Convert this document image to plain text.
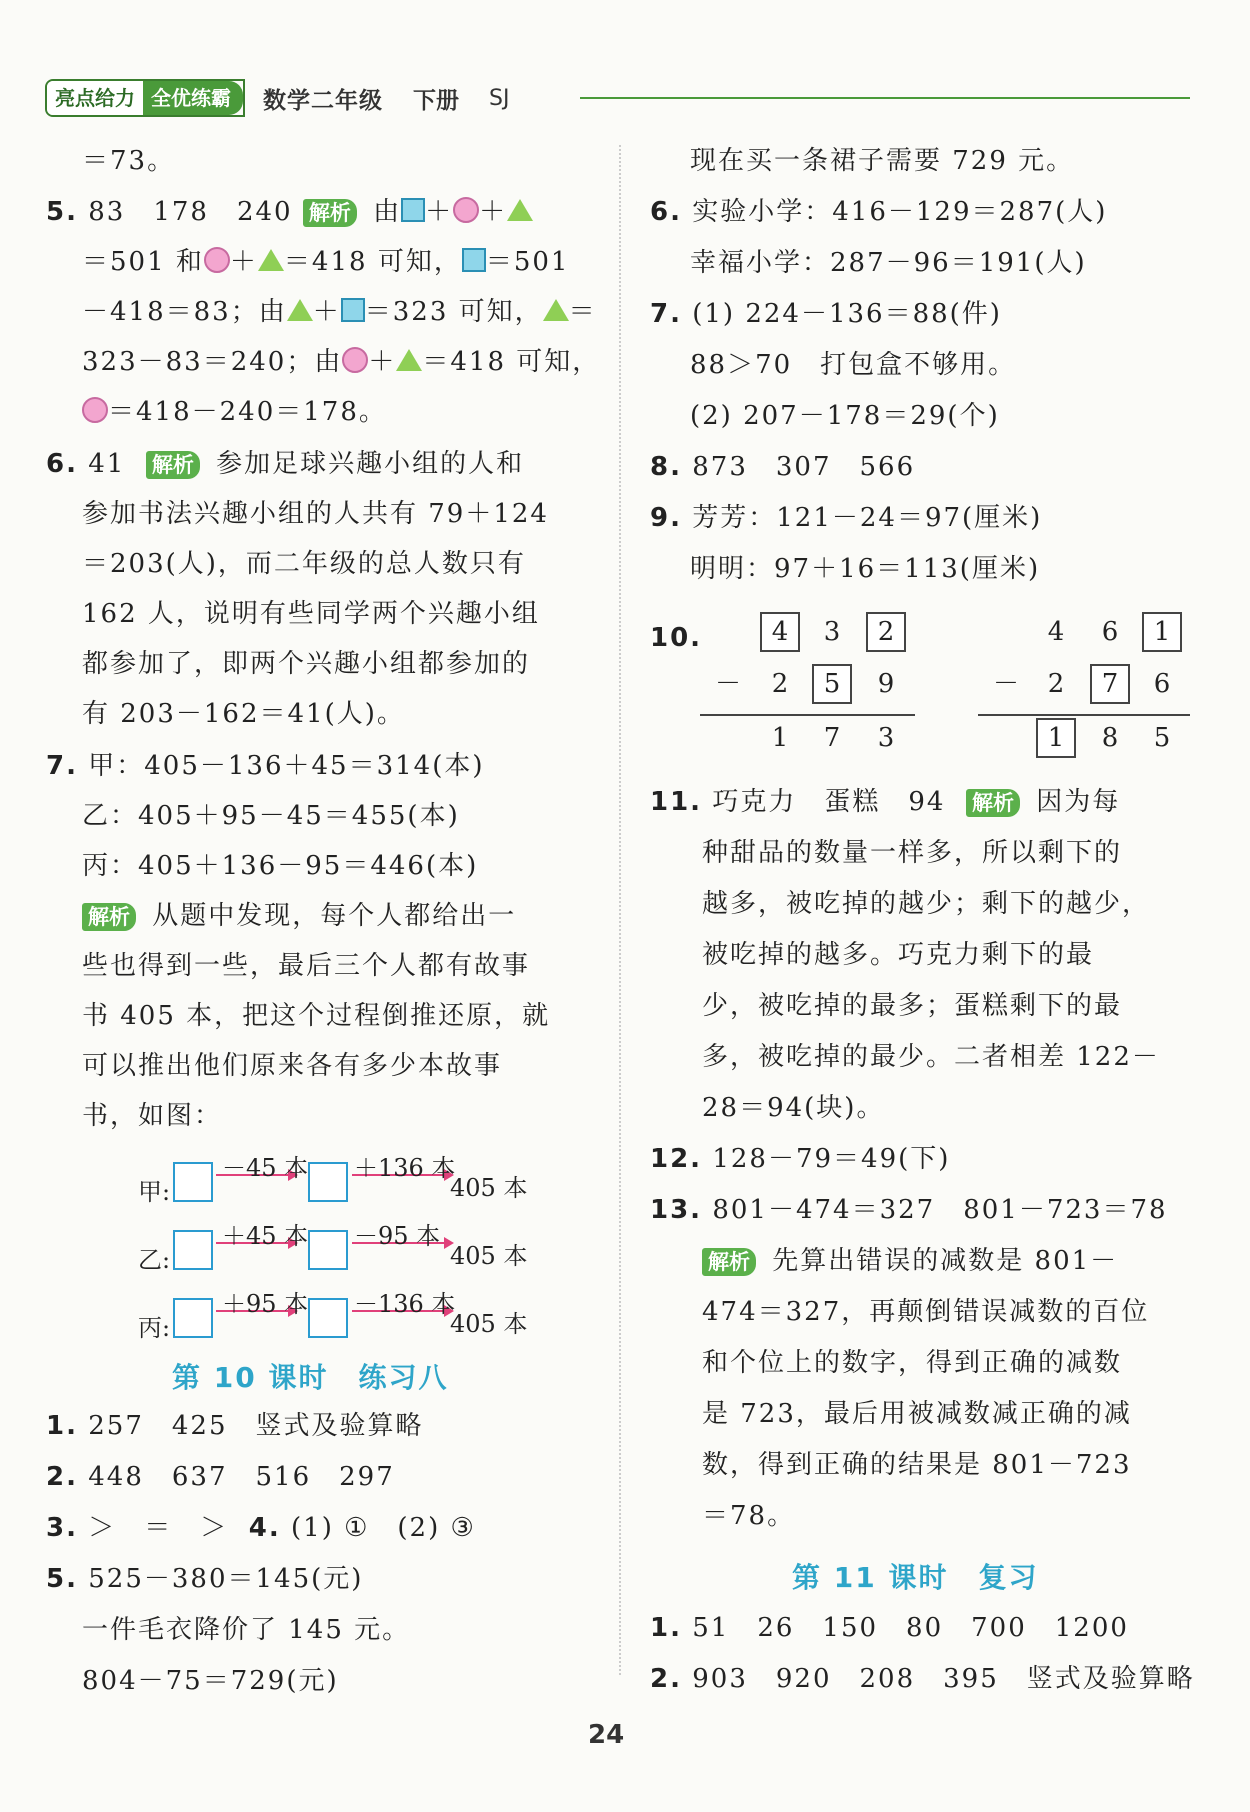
亮点给力 全优练霸	数学二年级 下册 SJ
＝73。
5. 83　178　240 解析 由 ＋ ＋
＝501 和 ＋ ＝418 可知， ＝501
－418＝83；由 ＋ ＝323 可知， ＝
323－83＝240；由 ＋ ＝418 可知，
＝418－240＝178。
6. 41 解析 参加足球兴趣小组的人和
参加书法兴趣小组的人共有 79＋124
＝203(人)，而二年级的总人数只有
162 人，说明有些同学两个兴趣小组
都参加了，即两个兴趣小组都参加的
有 203－162＝41(人)。
7. 甲：405－136＋45＝314(本)
乙：405＋95－45＝455(本)
丙：405＋136－95＝446(本)
解析 从题中发现，每个人都给出一
些也得到一些，最后三个人都有故事
书 405 本，把这个过程倒推还原，就
可以推出他们原来各有多少本故事
书，如图：
甲:
－45 本 ＋136 本
405 本
乙:
＋45 本 －95 本
405 本
丙:
＋95 本 －136 本
405 本
第 10 课时　练习八
1. 257　425　竖式及验算略
2. 448　637　516　297
3. ＞　＝　＞ 4. (1) ①　(2) ③
5. 525－380＝145(元)
一件毛衣降价了 145 元。
804－75＝729(元)
现在买一条裙子需要 729 元。
6. 实验小学：416－129＝287(人)
幸福小学：287－96＝191(人)
7. (1) 224－136＝88(件)
88＞70　打包盒不够用。
(2) 207－178＝29(个)
8. 873　307　566
9. 芳芳：121－24＝97(厘米)
明明：97＋16＝113(厘米)
10.	4	3	2
－	2	5	9
1	7	3
4	6	1
－	2	7	6
1	8	5
11. 巧克力　蛋糕　94 解析 因为每
种甜品的数量一样多，所以剩下的
越多，被吃掉的越少；剩下的越少，
被吃掉的越多。巧克力剩下的最
少，被吃掉的最多；蛋糕剩下的最
多，被吃掉的最少。二者相差 122－
28＝94(块)。
12. 128－79＝49(下)
13. 801－474＝327　801－723＝78
解析 先算出错误的减数是 801－
474＝327，再颠倒错误减数的百位
和个位上的数字，得到正确的减数
是 723，最后用被减数减正确的减
数，得到正确的结果是 801－723
＝78。
第 11 课时　复习
1. 51　26　150　80　700　1200
2. 903　920　208　395　竖式及验算略
24
